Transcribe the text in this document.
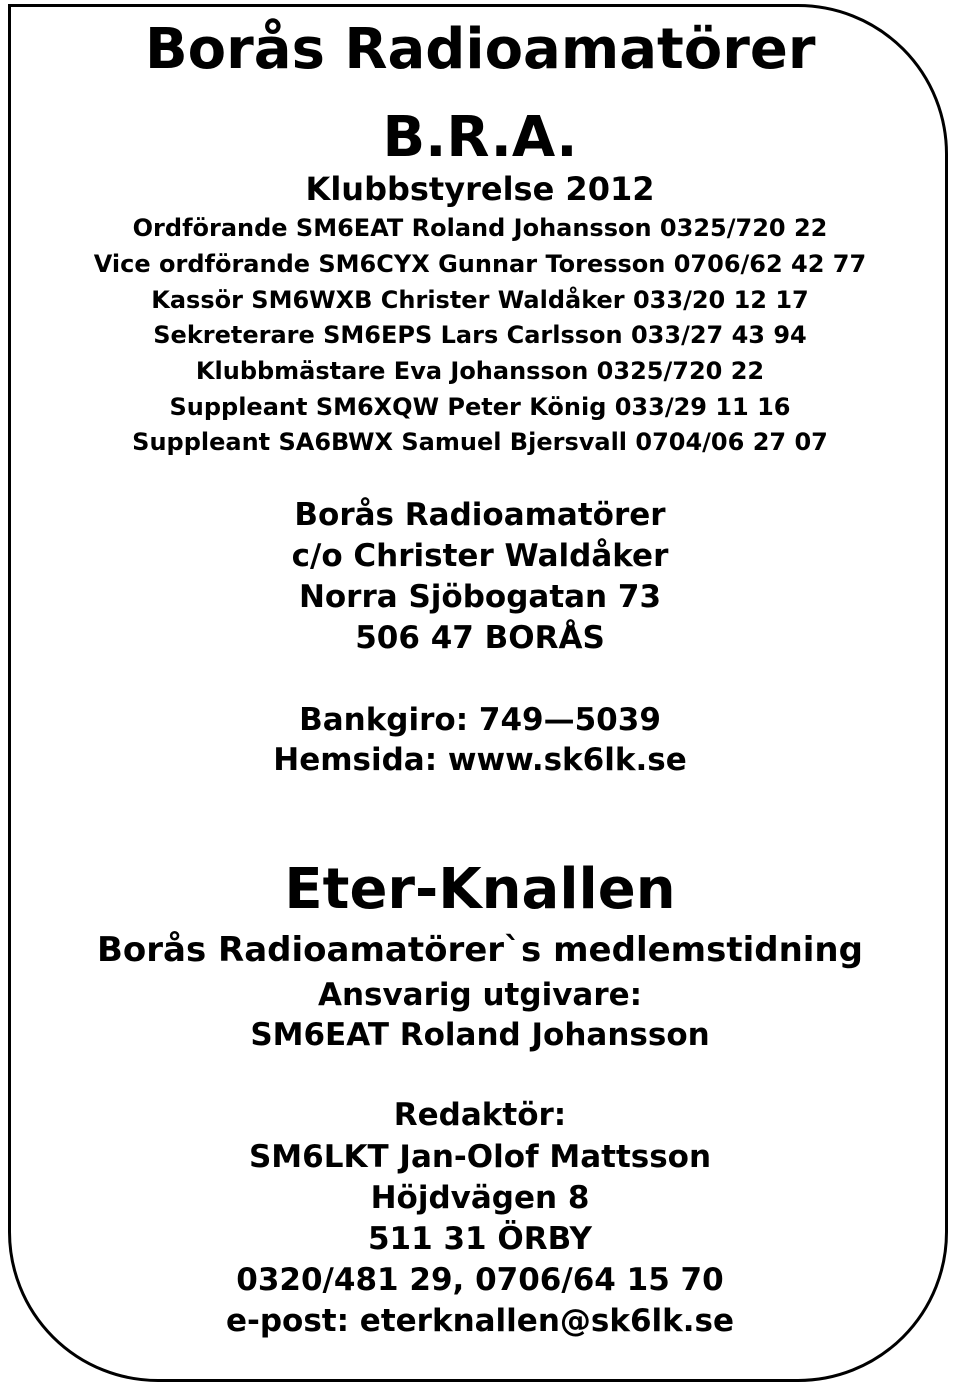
Borås Radioamatörer
B.R.A.
Klubbstyrelse 2012
Ordförande SM6EAT Roland Johansson 0325/720 22
Vice ordförande SM6CYX Gunnar Toresson 0706/62 42 77
Kassör SM6WXB Christer Waldåker 033/20 12 17
Sekreterare SM6EPS Lars Carlsson 033/27 43 94
Klubbmästare Eva Johansson 0325/720 22
Suppleant SM6XQW Peter König 033/29 11 16
Suppleant SA6BWX Samuel Bjersvall 0704/06 27 07
Borås Radioamatörer
c/o Christer Waldåker
Norra Sjöbogatan 73
506 47 BORÅS
Bankgiro: 749—5039
Hemsida: www.sk6lk.se
Eter-Knallen
Borås Radioamatörer`s medlemstidning
Ansvarig utgivare:
SM6EAT Roland Johansson
Redaktör:
SM6LKT Jan-Olof Mattsson
Höjdvägen 8
511 31 ÖRBY
0320/481 29, 0706/64 15 70
e-post: eterknallen@sk6lk.se
